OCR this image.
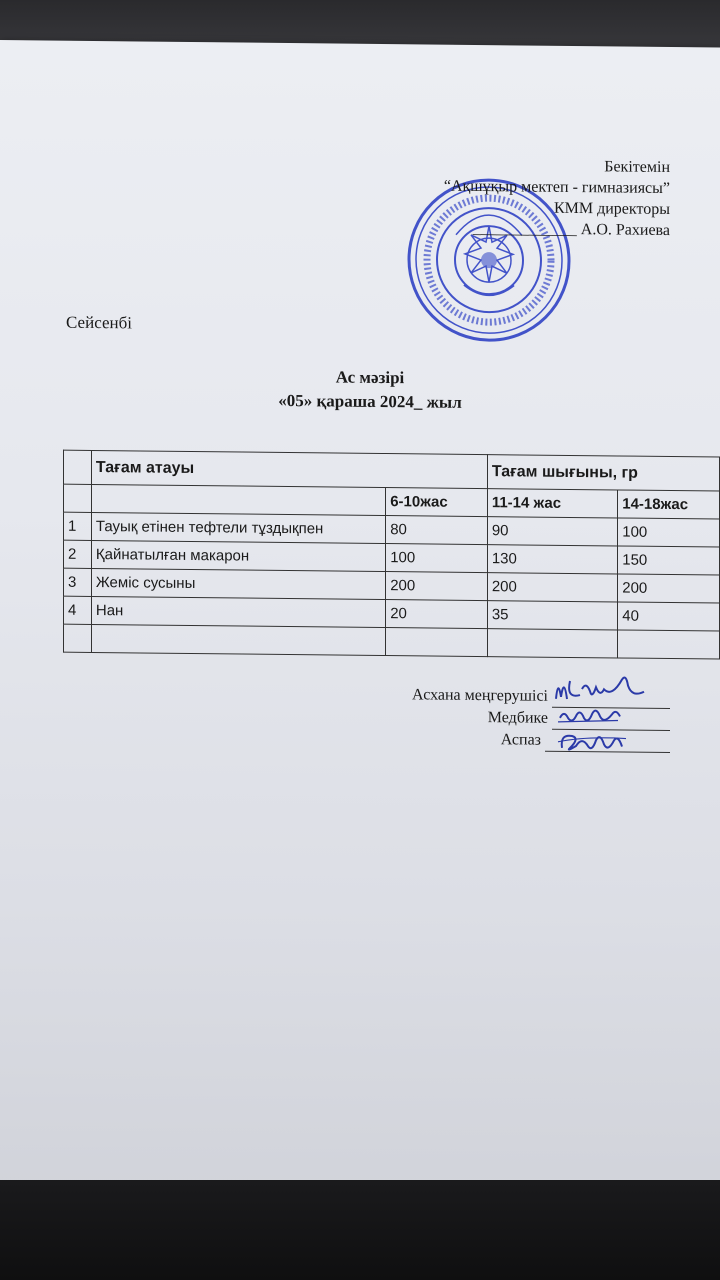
Бекітемін
“Ақшұқыр мектеп - гимназиясы”
КММ директоры
_____________ А.О. Рахиева
Сейсенбі
Ас мәзірі
«05» қараша 2024_ жыл
	Тағам атауы		Тағам шығыны, гр	
		6-10жас	11-14 жас	14-18жас
1	Тауық етінен тефтели тұздықпен	80	90	100
2	Қайнатылған макарон	100	130	150
3	Жеміс сусыны	200	200	200
4	Нан	20	35	40

Асхана меңгерушісі
Медбике
Аспаз
